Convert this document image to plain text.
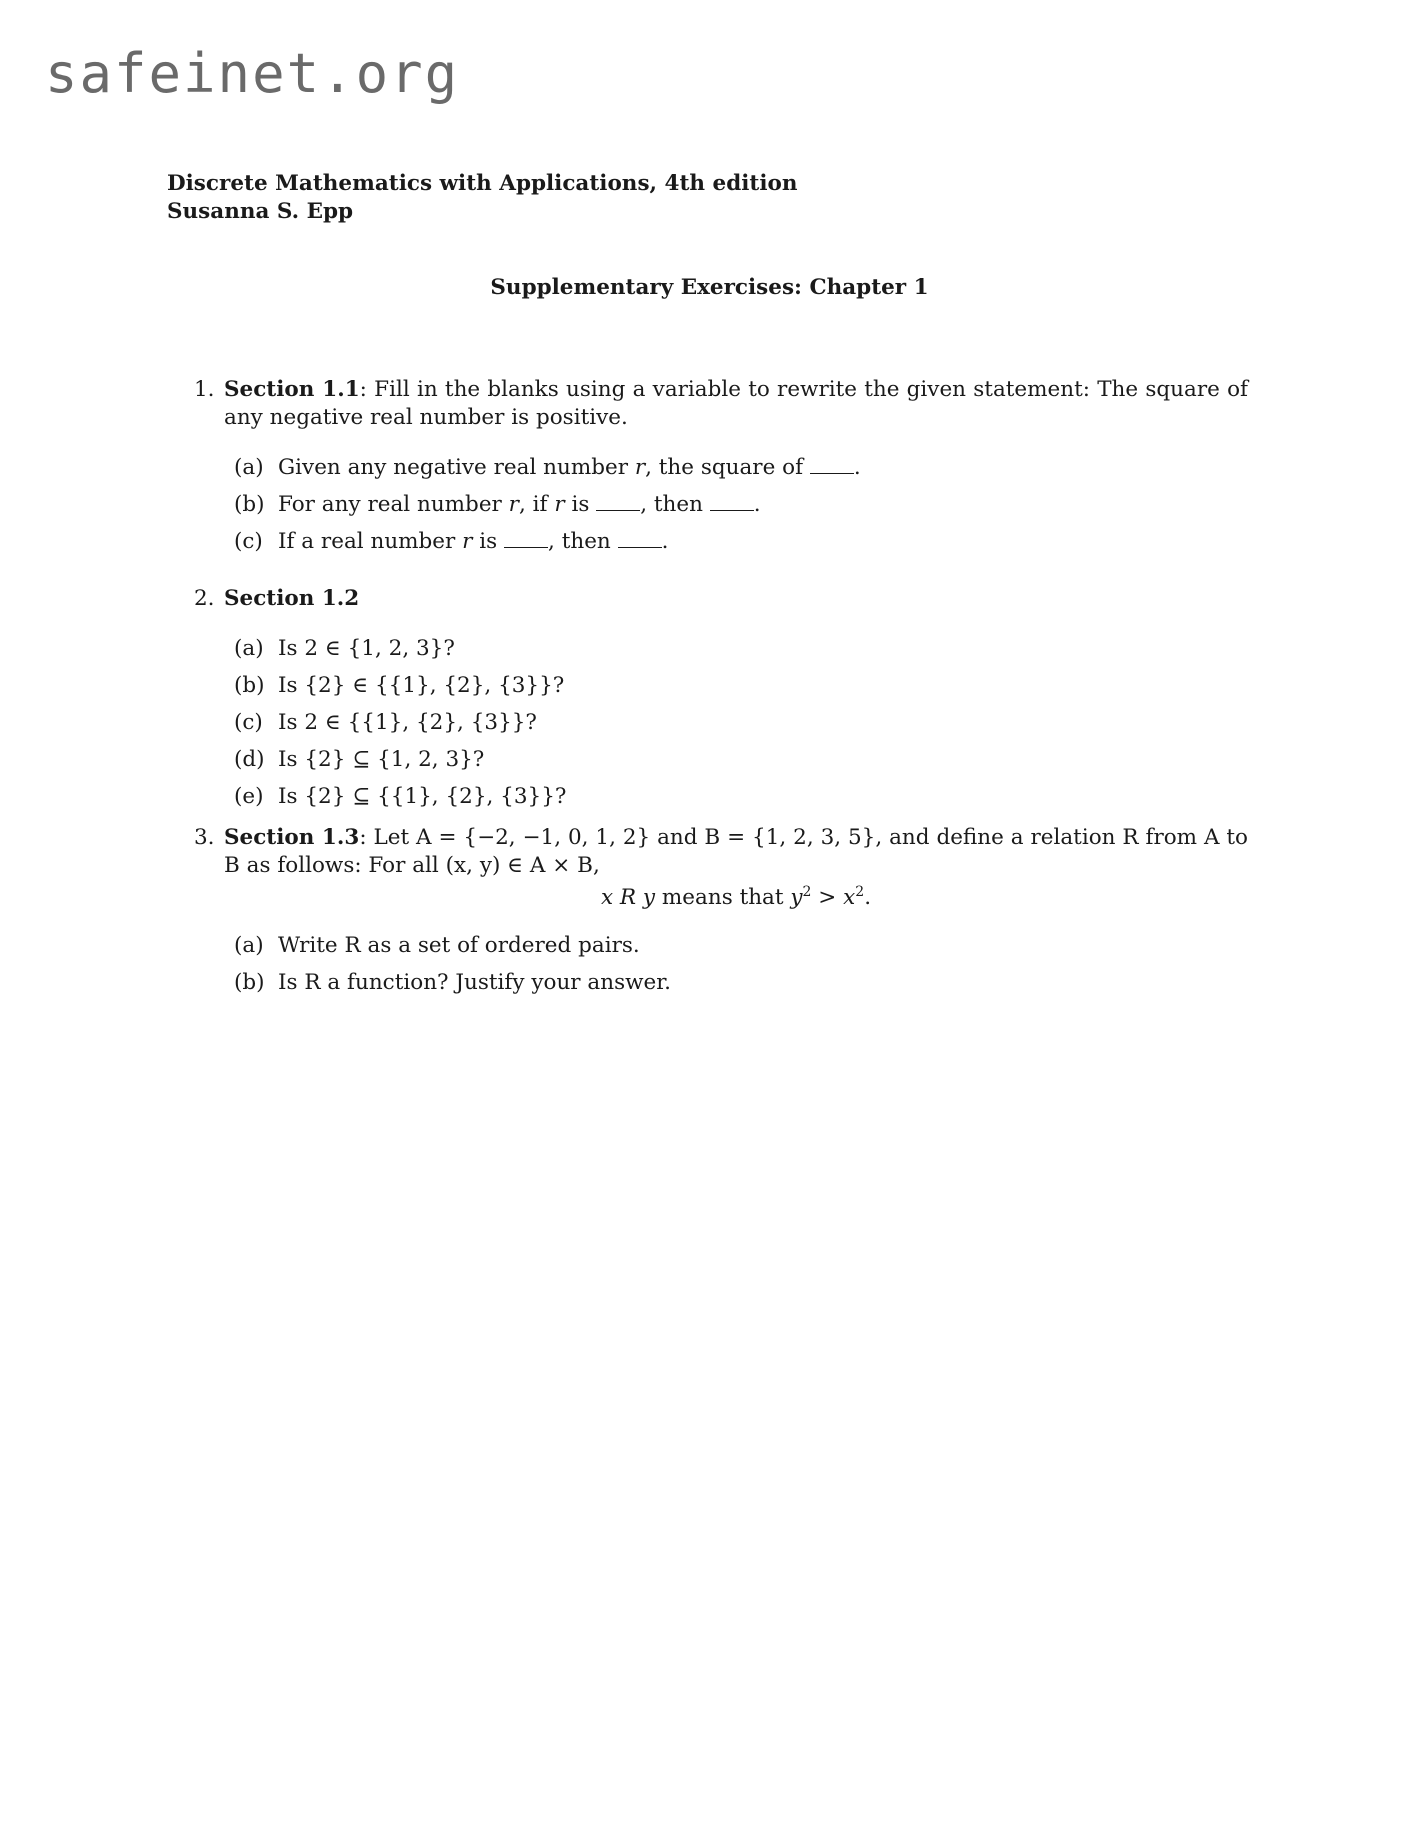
safeinet.org
Discrete Mathematics with Applications, 4th edition
Susanna S. Epp
Supplementary Exercises: Chapter 1
1. Section 1.1: Fill in the blanks using a variable to rewrite the given statement: The square of any negative real number is positive.
(a) Given any negative real number r, the square of .
(b) For any real number r, if r is , then .
(c) If a real number r is , then .
2. Section 1.2
(a) Is 2 ∈ {1, 2, 3}?
(b) Is {2} ∈ {{1}, {2}, {3}}?
(c) Is 2 ∈ {{1}, {2}, {3}}?
(d) Is {2} ⊆ {1, 2, 3}?
(e) Is {2} ⊆ {{1}, {2}, {3}}?
3. Section 1.3: Let A = {−2, −1, 0, 1, 2} and B = {1, 2, 3, 5}, and define a relation R from A to B as follows: For all (x, y) ∈ A × B,
x R y means that $y^2 > x^2$.
(a) Write R as a set of ordered pairs.
(b) Is R a function? Justify your answer.
